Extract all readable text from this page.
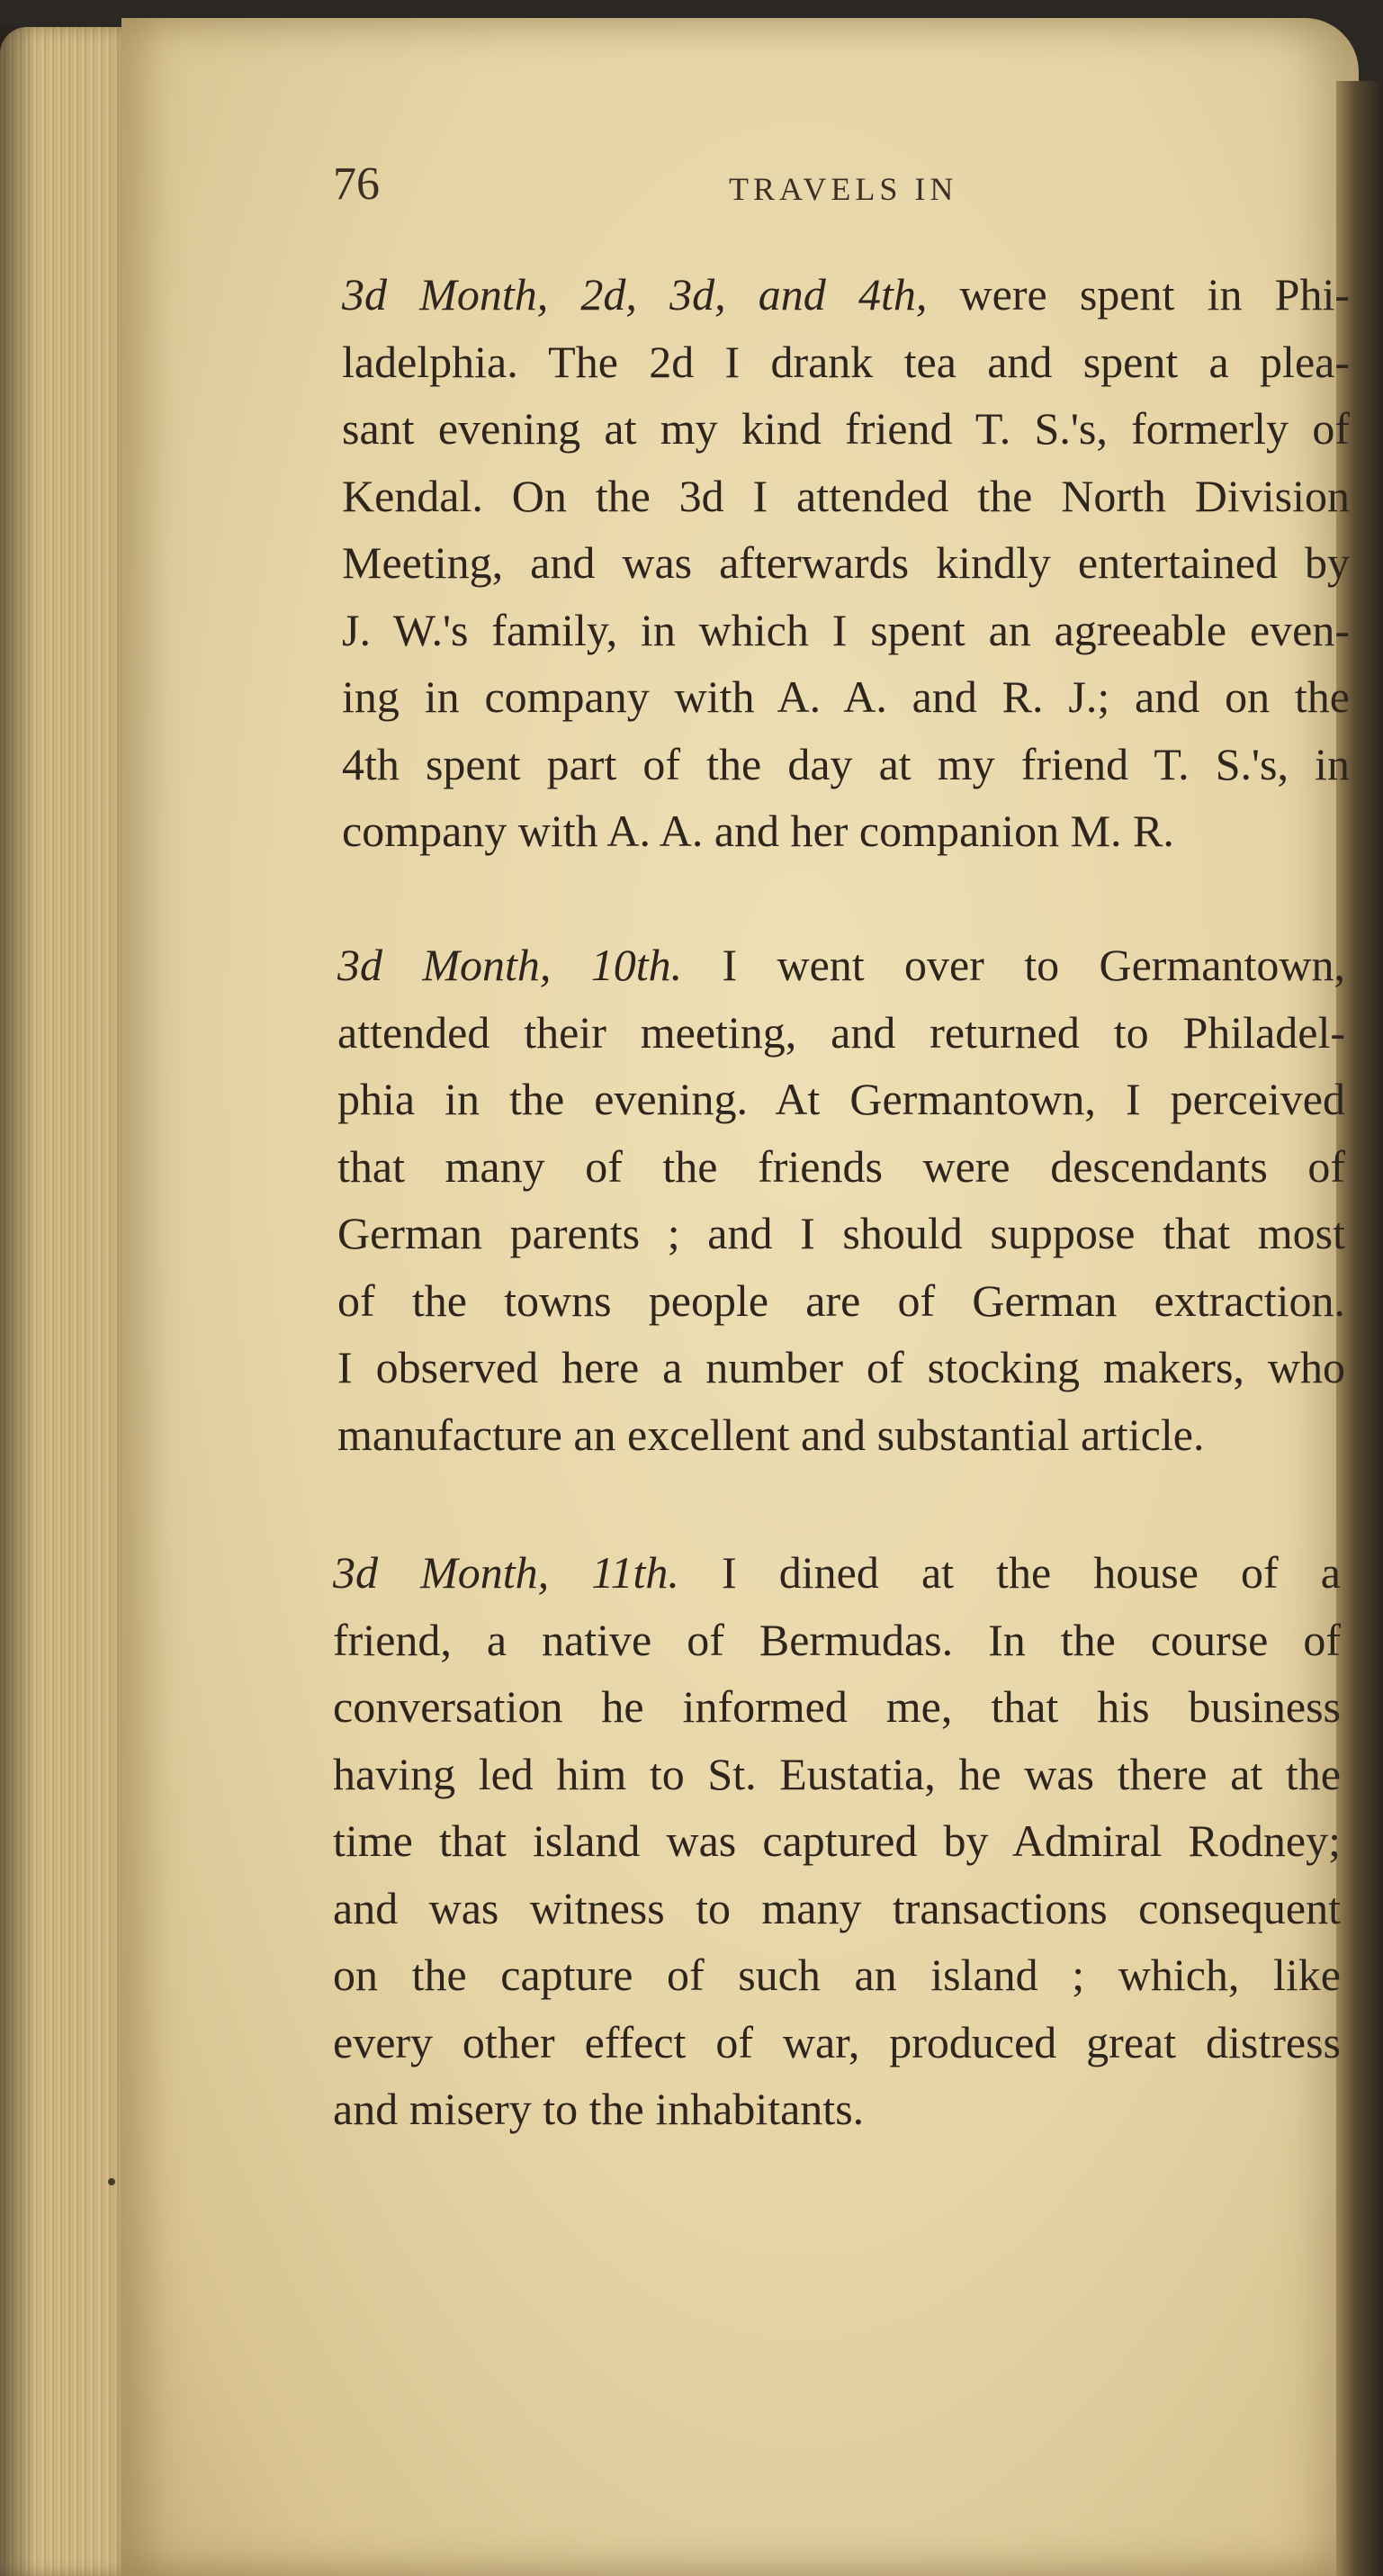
76	TRAVELS IN
3d Month, 2d, 3d, and 4th, were spent in Phi-
ladelphia. The 2d I drank tea and spent a plea-
sant evening at my kind friend T. S.'s, formerly of
Kendal. On the 3d I attended the North Division
Meeting, and was afterwards kindly entertained by
J. W.'s family, in which I spent an agreeable even-
ing in company with A. A. and R. J.; and on the
4th spent part of the day at my friend T. S.'s, in
company with A. A. and her companion M. R.
3d Month, 10th. I went over to Germantown,
attended their meeting, and returned to Philadel-
phia in the evening. At Germantown, I perceived
that many of the friends were descendants of
German parents ; and I should suppose that most
of the towns people are of German extraction.
I observed here a number of stocking makers, who
manufacture an excellent and substantial article.
3d Month, 11th. I dined at the house of a
friend, a native of Bermudas. In the course of
conversation he informed me, that his business
having led him to St. Eustatia, he was there at the
time that island was captured by Admiral Rodney;
and was witness to many transactions consequent
on the capture of such an island ; which, like
every other effect of war, produced great distress
and misery to the inhabitants.
